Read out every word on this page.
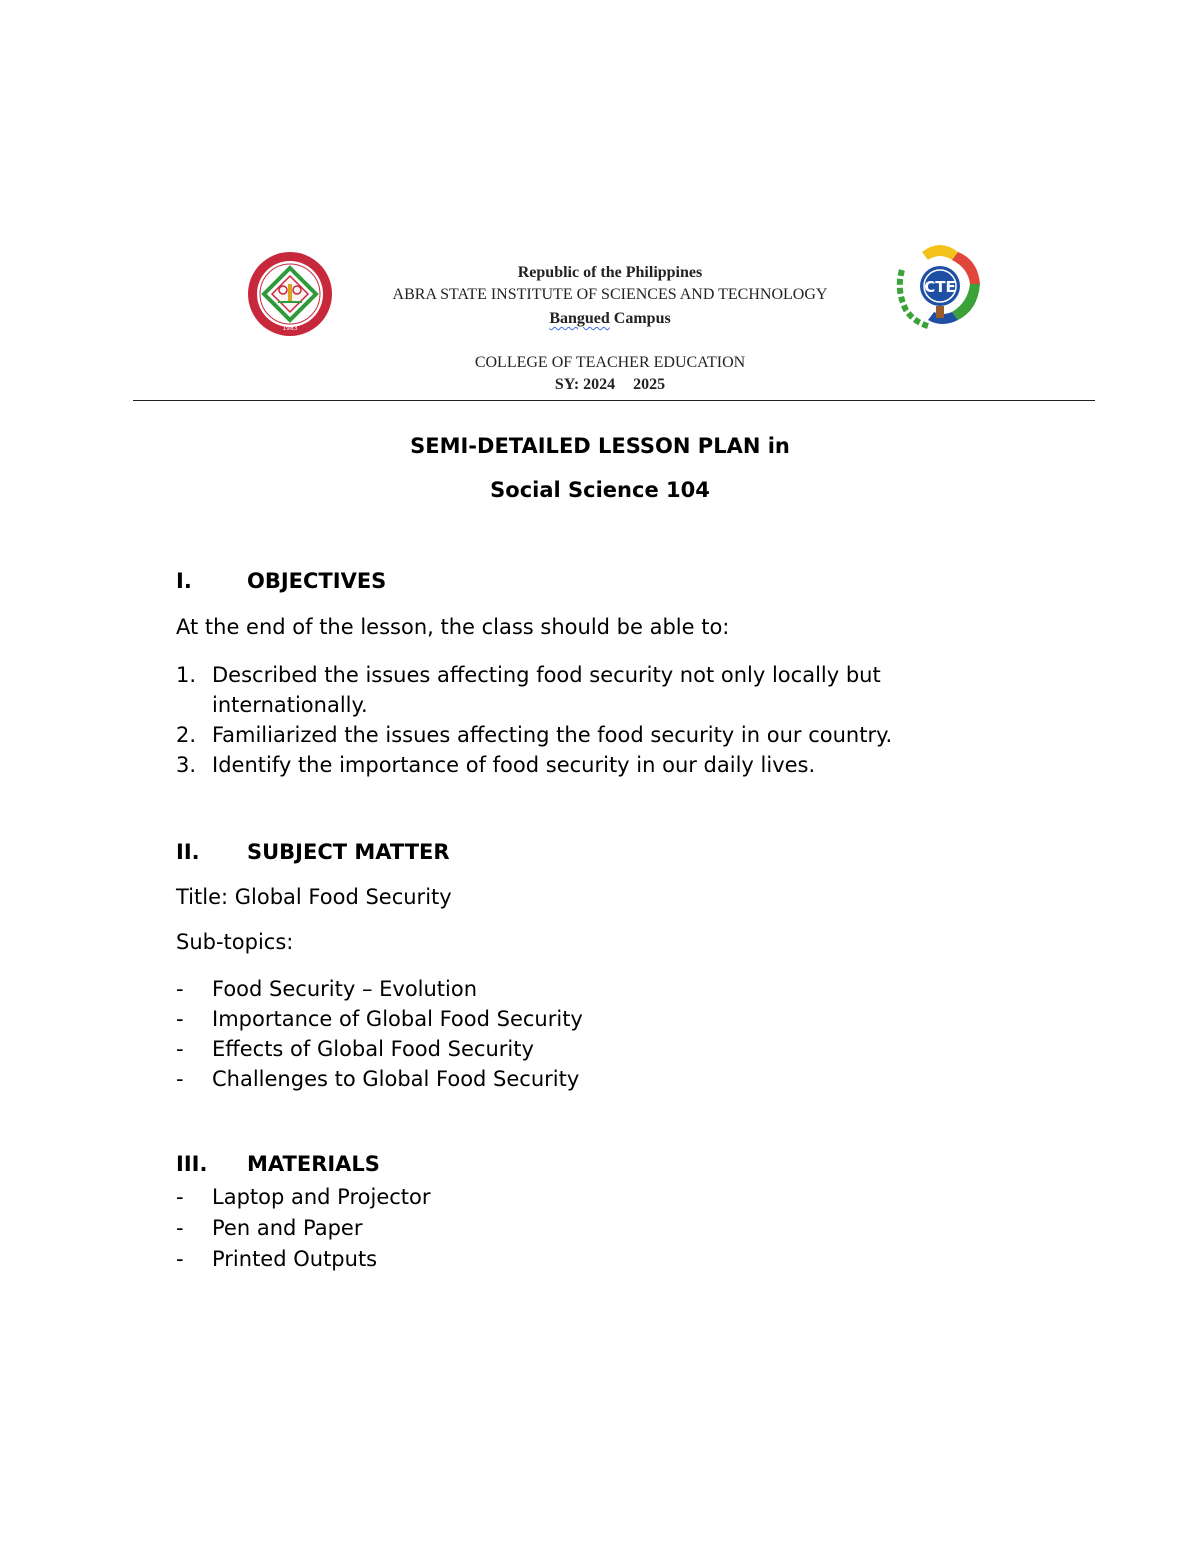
1983
Republic of the Philippines
ABRA STATE INSTITUTE OF SCIENCES AND TECHNOLOGY
Bangued Campus
COLLEGE OF TEACHER EDUCATION
SY: 2024 2025
CTE
SEMI-DETAILED LESSON PLAN in
Social Science 104
I.	OBJECTIVES
At the end of the lesson, the class should be able to:
1. Described the issues affecting food security not only locally but internationally.
2. Familiarized the issues affecting the food security in our country.
3. Identify the importance of food security in our daily lives.
II. SUBJECT MATTER
Title: Global Food Security
Sub-topics:
- Food Security – Evolution
- Importance of Global Food Security
- Effects of Global Food Security
- Challenges to Global Food Security
III. MATERIALS
- Laptop and Projector
- Pen and Paper
- Printed Outputs
